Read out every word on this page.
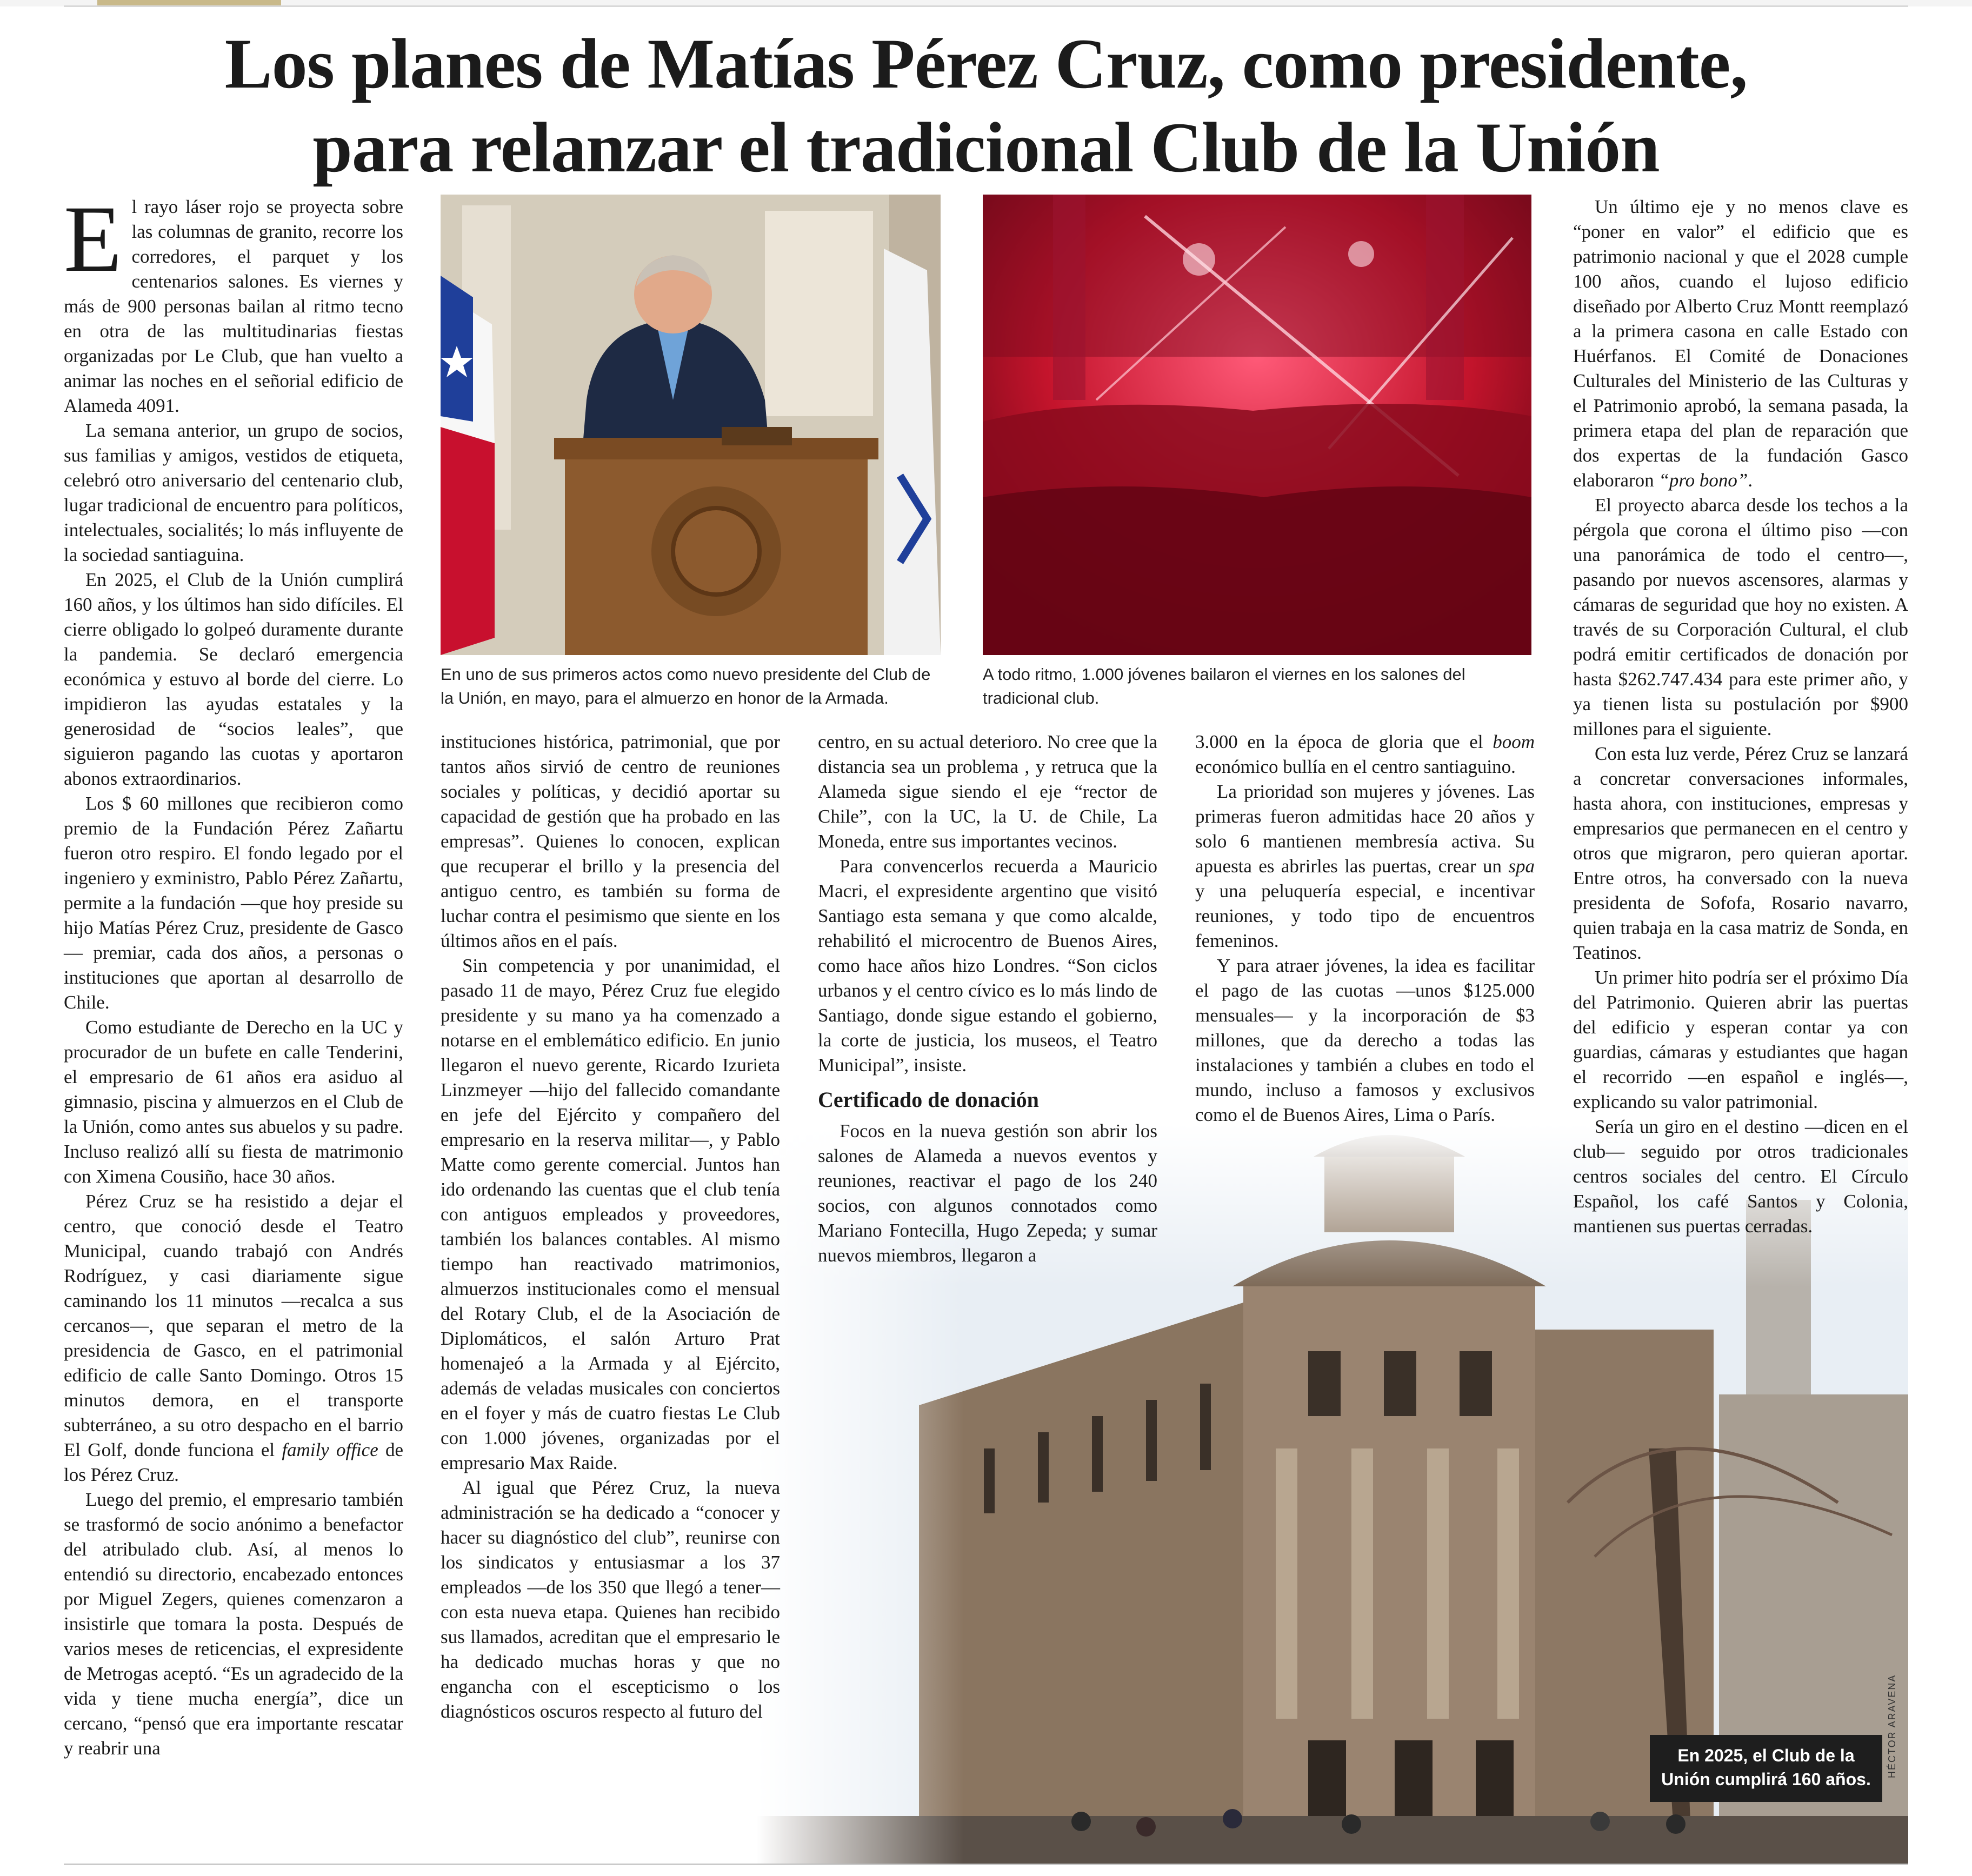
Los planes de Matías Pérez Cruz, como presidente,
para relanzar el tradicional Club de la Unión
En uno de sus primeros actos como nuevo presidente del Club de la Unión, en mayo, para el almuerzo en honor de la Armada.
A todo ritmo, 1.000 jóvenes bailaron el viernes en los salones del tradicional club.

El rayo láser rojo se proyecta sobre las columnas de granito, recorre los corredores, el parquet y los centenarios salones. Es viernes y más de 900 personas bailan al ritmo tecno en otra de las multitudinarias fiestas organizadas por Le Club, que han vuelto a animar las noches en el señorial edificio de Alameda 4091.

La semana anterior, un grupo de socios, sus familias y amigos, vestidos de etiqueta, celebró otro aniversario del centenario club, lugar tradicional de encuentro para políticos, intelectuales, socialités; lo más influyente de la sociedad santiaguina.

En 2025, el Club de la Unión cumplirá 160 años, y los últimos han sido difíciles. El cierre obligado lo golpeó duramente durante la pandemia. Se declaró emergencia económica y estuvo al borde del cierre. Lo impidieron las ayudas estatales y la generosidad de “socios leales”, que siguieron pagando las cuotas y aportaron abonos extraordinarios.

Los $ 60 millones que recibieron como premio de la Fundación Pérez Zañartu fueron otro respiro. El fondo legado por el ingeniero y exministro, Pablo Pérez Zañartu, permite a la fundación —que hoy preside su hijo Matías Pérez Cruz, presidente de Gasco— premiar, cada dos años, a personas o instituciones que aportan al desarrollo de Chile.

Como estudiante de Derecho en la UC y procurador de un bufete en calle Tenderini, el empresario de 61 años era asiduo al gimnasio, piscina y almuerzos en el Club de la Unión, como antes sus abuelos y su padre. Incluso realizó allí su fiesta de matrimonio con Ximena Cousiño, hace 30 años.

Pérez Cruz se ha resistido a dejar el centro, que conoció desde el Teatro Municipal, cuando trabajó con Andrés Rodríguez, y casi diariamente sigue caminando los 11 minutos —recalca a sus cercanos—, que separan el metro de la presidencia de Gasco, en el patrimonial edificio de calle Santo Domingo. Otros 15 minutos demora, en el transporte subterráneo, a su otro despacho en el barrio El Golf, donde funciona el family office de los Pérez Cruz.

Luego del premio, el empresario también se trasformó de socio anónimo a benefactor del atribulado club. Así, al menos lo entendió su directorio, encabezado entonces por Miguel Zegers, quienes comenzaron a insistirle que tomara la posta. Después de varios meses de reticencias, el expresidente de Metrogas aceptó. “Es un agradecido de la vida y tiene mucha energía”, dice un cercano, “pensó que era importante rescatar y reabrir una

instituciones histórica, patrimonial, que por tantos años sirvió de centro de reuniones sociales y políticas, y decidió aportar su capacidad de gestión que ha probado en las empresas”. Quienes lo conocen, explican que recuperar el brillo y la presencia del antiguo centro, es también su forma de luchar contra el pesimismo que siente en los últimos años en el país.

Sin competencia y por unanimidad, el pasado 11 de mayo, Pérez Cruz fue elegido presidente y su mano ya ha comenzado a notarse en el emblemático edificio. En junio llegaron el nuevo gerente, Ricardo Izurieta Linzmeyer —hijo del fallecido comandante en jefe del Ejército y compañero del empresario en la reserva militar—, y Pablo Matte como gerente comercial. Juntos han ido ordenando las cuentas que el club tenía con antiguos empleados y proveedores, también los balances contables. Al mismo tiempo han reactivado matrimonios, almuerzos institucionales como el mensual del Rotary Club, el de la Asociación de Diplomáticos, el salón Arturo Prat homenajeó a la Armada y al Ejército, además de veladas musicales con conciertos en el foyer y más de cuatro fiestas Le Club con 1.000 jóvenes, organizadas por el empresario Max Raide.

Al igual que Pérez Cruz, la nueva administración se ha dedicado a “conocer y hacer su diagnóstico del club”, reunirse con los sindicatos y entusiasmar a los 37 empleados —de los 350 que llegó a tener— con esta nueva etapa. Quienes han recibido sus llamados, acreditan que el empresario le ha dedicado muchas horas y que no engancha con el escepticismo o los diagnósticos oscuros respecto al futuro del

centro, en su actual deterioro. No cree que la distancia sea un problema , y retruca que la Alameda sigue siendo el eje “rector de Chile”, con la UC, la U. de Chile, La Moneda, entre sus importantes vecinos.

Para convencerlos recuerda a Mauricio Macri, el expresidente argentino que visitó Santiago esta semana y que como alcalde, rehabilitó el microcentro de Buenos Aires, como hace años hizo Londres. “Son ciclos urbanos y el centro cívico es lo más lindo de Santiago, donde sigue estando el gobierno, la corte de justicia, los museos, el Teatro Municipal”, insiste.

Certificado de donación

Focos en la nueva gestión son abrir los salones de Alameda a nuevos eventos y reuniones, reactivar el pago de los 240 socios, con algunos connotados como Mariano Fontecilla, Hugo Zepeda; y sumar nuevos miembros, llegaron a

3.000 en la época de gloria que el boom económico bullía en el centro santiaguino.

La prioridad son mujeres y jóvenes. Las primeras fueron admitidas hace 20 años y solo 6 mantienen membresía activa. Su apuesta es abrirles las puertas, crear un spa y una peluquería especial, e incentivar reuniones, y todo tipo de encuentros femeninos.

Y para atraer jóvenes, la idea es facilitar el pago de las cuotas —unos $125.000 mensuales— y la incorporación de $3 millones, que da derecho a todas las instalaciones y también a clubes en todo el mundo, incluso a famosos y exclusivos como el de Buenos Aires, Lima o París.

Un último eje y no menos clave es “poner en valor” el edificio que es patrimonio nacional y que el 2028 cumple 100 años, cuando el lujoso edificio diseñado por Alberto Cruz Montt reemplazó a la primera casona en calle Estado con Huérfanos. El Comité de Donaciones Culturales del Ministerio de las Culturas y el Patrimonio aprobó, la semana pasada, la primera etapa del plan de reparación que dos expertas de la fundación Gasco elaboraron “pro bono”.

El proyecto abarca desde los techos a la pérgola que corona el último piso —con una panorámica de todo el centro—, pasando por nuevos ascensores, alarmas y cámaras de seguridad que hoy no existen. A través de su Corporación Cultural, el club podrá emitir certificados de donación por hasta $262.747.434 para este primer año, y ya tienen lista su postulación por $900 millones para el siguiente.

Con esta luz verde, Pérez Cruz se lanzará a concretar conversaciones informales, hasta ahora, con instituciones, empresas y empresarios que permanecen en el centro y otros que migraron, pero quieran aportar. Entre otros, ha conversado con la nueva presidenta de Sofofa, Rosario navarro, quien trabaja en la casa matriz de Sonda, en Teatinos.

Un primer hito podría ser el próximo Día del Patrimonio. Quieren abrir las puertas del edificio y esperan contar ya con guardias, cámaras y estudiantes que hagan el recorrido —en español e inglés—, explicando su valor patrimonial.

Sería un giro en el destino —dicen en el club— seguido por otros tradicionales centros sociales del centro. El Círculo Español, los café Santos y Colonia, mantienen sus puertas cerradas.

En 2025, el Club de la Unión cumplirá 160 años.
HÉCTOR ARAVENA
